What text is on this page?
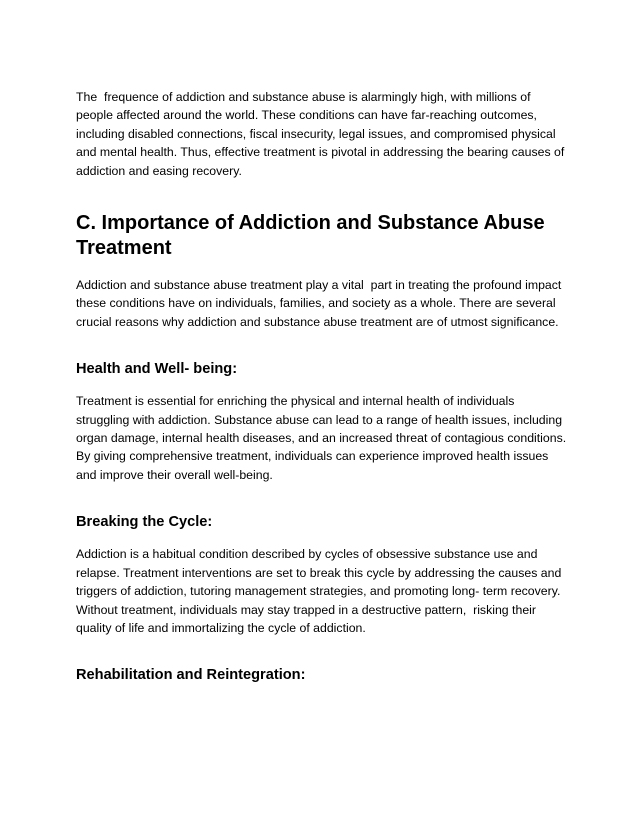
The  frequence of addiction and substance abuse is alarmingly high, with millions of people affected around the world. These conditions can have far-reaching outcomes, including disabled connections, fiscal insecurity, legal issues, and compromised physical and mental health. Thus, effective treatment is pivotal in addressing the bearing causes of addiction and easing recovery.

C. Importance of Addiction and Substance Abuse Treatment

Addiction and substance abuse treatment play a vital  part in treating the profound impact these conditions have on individuals, families, and society as a whole. There are several crucial reasons why addiction and substance abuse treatment are of utmost significance.

Health and Well- being:

Treatment is essential for enriching the physical and internal health of individuals struggling with addiction. Substance abuse can lead to a range of health issues, including organ damage, internal health diseases, and an increased threat of contagious conditions. By giving comprehensive treatment, individuals can experience improved health issues and improve their overall well-being.

Breaking the Cycle:

Addiction is a habitual condition described by cycles of obsessive substance use and relapse. Treatment interventions are set to break this cycle by addressing the causes and triggers of addiction, tutoring management strategies, and promoting long- term recovery. Without treatment, individuals may stay trapped in a destructive pattern,  risking their quality of life and immortalizing the cycle of addiction.

Rehabilitation and Reintegration:
